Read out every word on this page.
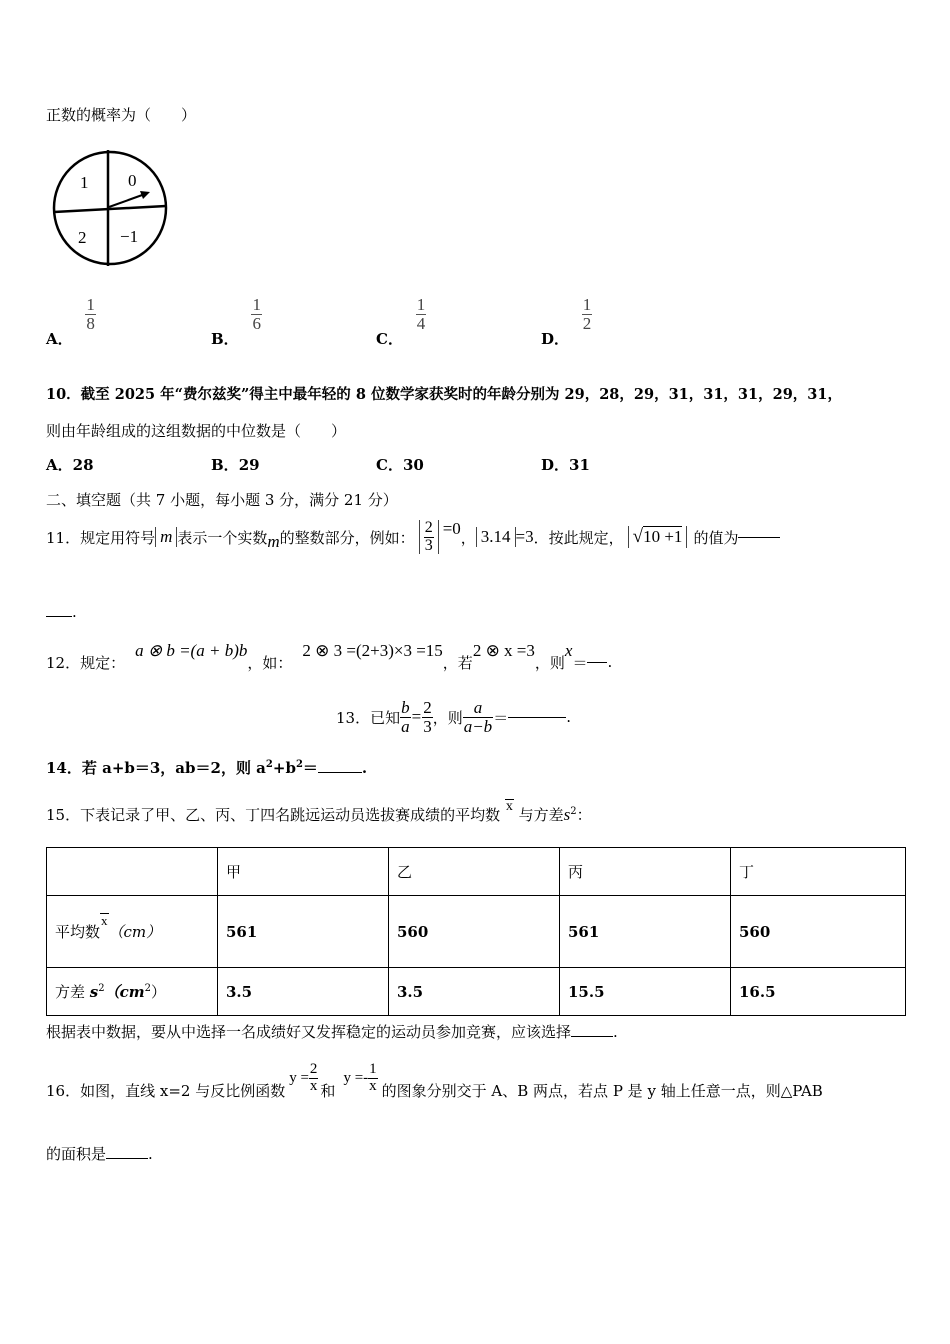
正数的概率为（　　）
1 0
2 −1
A．
$\frac{1}{8}$
B．
$\frac{1}{6}$
C．
$\frac{1}{4}$
D．
$\frac{1}{2}$
10．截至 2025 年“费尔兹奖”得主中最年轻的 8 位数学家获奖时的年龄分别为 29，28，29，31，31，31，29，31，
则由年龄组成的这组数据的中位数是（　　）
A．28	B．29	C．30	D．31
二、填空题（共 7 小题，每小题 3 分，满分 21 分）
11．规定用符号 m 表示一个实数 m 的整数部分，例如： $\frac{2}{3} =0$ ， 3.14 =3 ．按此规定， √10 +1 的值为
.
12．规定：
a ⊗ b =(a + b)b
，如：
2 ⊗ 3 =(2+3)×3 =15
，若
2 ⊗ x =3
，则
x
＝ .
13．已知 $\frac{b}{a} = \frac{2}{3}$ ，则 $\frac{a}{a-b}$ ＝	.
14．若 a+b＝3，ab＝2，则 $a^2+b^2=$	.
15．下表记录了甲、乙、丙、丁四名跳远运动员选拔赛成绩的平均数 x 与方差$s^2$：
	甲	乙	丙	丁
平均数x（cm）	561	560	561	560
方差 $s^2(cm^2)$	3.5	3.5	15.5	16.5
根据表中数据，要从中选择一名成绩好又发挥稳定的运动员参加竞赛，应该选择	.
16．如图，直线 x=2 与反比例函数
$y = \frac{2}{x}$ 和
$y =- \frac{1}{x}$ 的图象分别交于 A、B 两点，若点 P 是 y 轴上任意一点，则△PAB
的面积是	.
